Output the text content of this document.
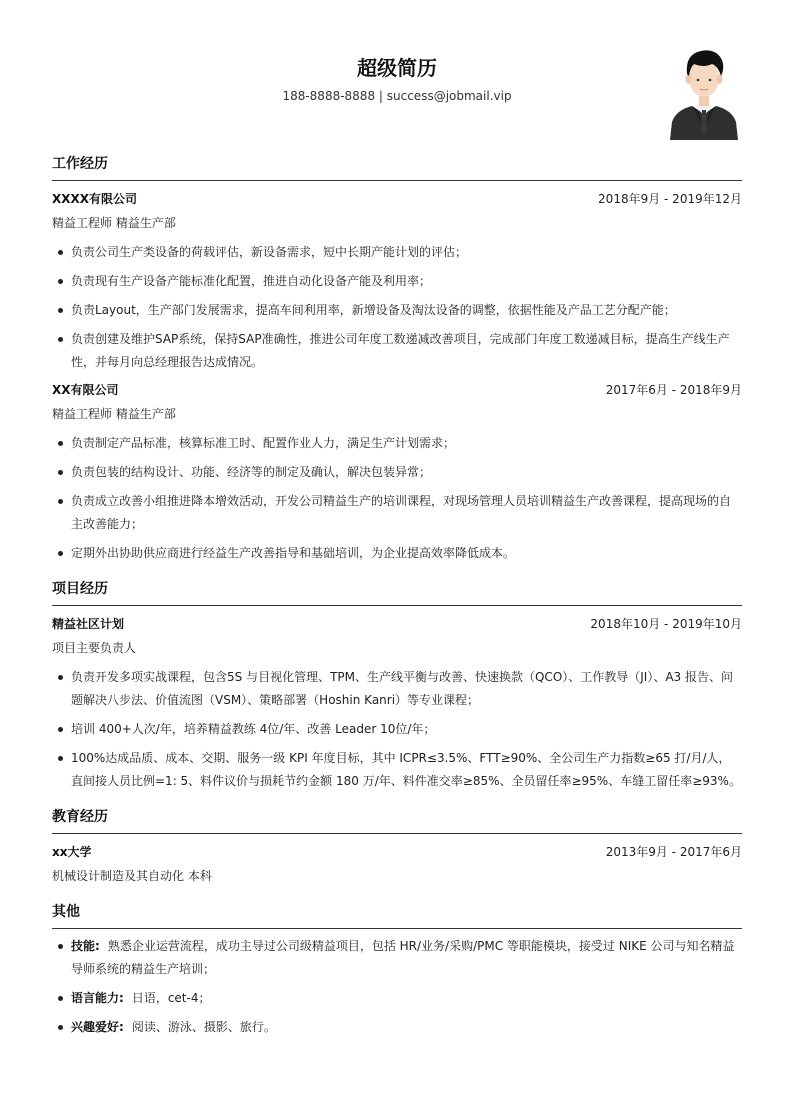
超级简历
188-8888-8888 | success@jobmail.vip
工作经历
XXXX有限公司	2018年9月 - 2019年12月
精益工程师 精益生产部
负责公司生产类设备的荷载评估，新设备需求，短中长期产能计划的评估；
负责现有生产设备产能标准化配置，推进自动化设备产能及利用率；
负责Layout，生产部门发展需求，提高车间利用率，新增设备及淘汰设备的调整，依据性能及产品工艺分配产能；
负责创建及维护SAP系统，保持SAP准确性，推进公司年度工数递减改善项目，完成部门年度工数递减目标，提高生产线生产性，并每月向总经理报告达成情况。
XX有限公司	2017年6月 - 2018年9月
精益工程师 精益生产部
负责制定产品标准，核算标准工时、配置作业人力，满足生产计划需求；
负责包装的结构设计、功能、经济等的制定及确认，解决包装异常；
负责成立改善小组推进降本增效活动，开发公司精益生产的培训课程，对现场管理人员培训精益生产改善课程，提高现场的自主改善能力；
定期外出协助供应商进行经益生产改善指导和基础培训，为企业提高效率降低成本。
项目经历
精益社区计划	2018年10月 - 2019年10月
项目主要负责人
负责开发多项实战课程，包含5S 与目视化管理、TPM、生产线平衡与改善、快速换款（QCO）、工作教导（JI）、A3 报告、问题解决八步法、价值流图（VSM）、策略部署（Hoshin Kanri）等专业课程；
培训 400+人次/年，培养精益教练 4位/年、改善 Leader 10位/年；
100%达成品质、成本、交期、服务一级 KPI 年度目标，其中 ICPR≤3.5%、FTT≥90%、全公司生产力指数≥65 打/月/人，直间接人员比例=1: 5、料件议价与损耗节约金额 180 万/年、料件准交率≥85%、全员留任率≥95%、车缝工留任率≥93%。
教育经历
xx大学	2013年9月 - 2017年6月
机械设计制造及其自动化 本科
其他
技能: 熟悉企业运营流程，成功主导过公司级精益项目，包括 HR/业务/采购/PMC 等职能模块，接受过 NIKE 公司与知名精益导师系统的精益生产培训；
语言能力: 日语，cet-4；
兴趣爱好: 阅读、游泳、摄影、旅行。
